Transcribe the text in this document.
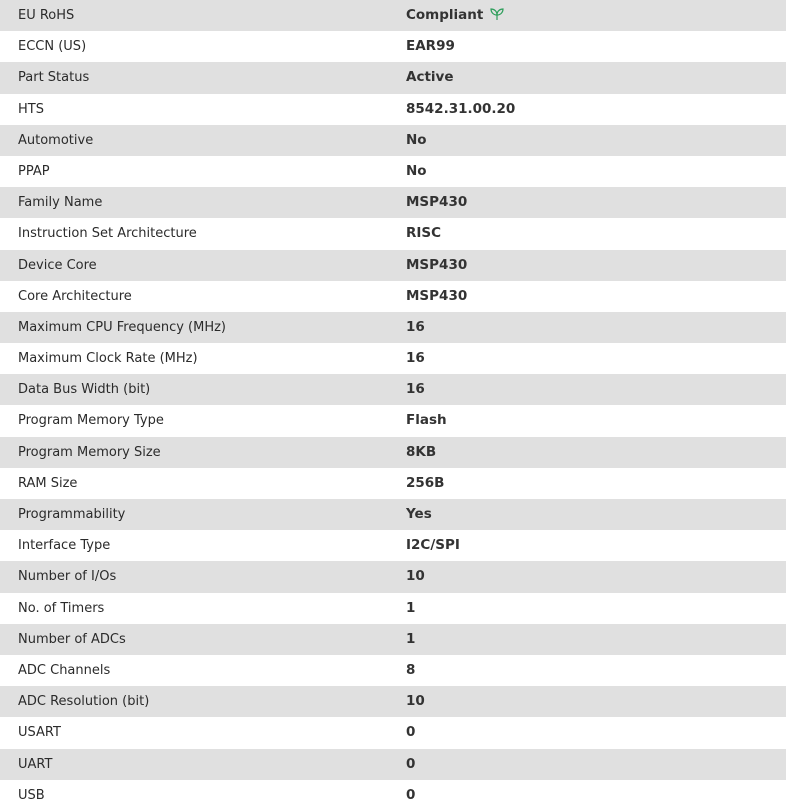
EU RoHS	Compliant
ECCN (US)	EAR99
Part Status	Active
HTS	8542.31.00.20
Automotive	No
PPAP	No
Family Name	MSP430
Instruction Set Architecture	RISC
Device Core	MSP430
Core Architecture	MSP430
Maximum CPU Frequency (MHz)	16
Maximum Clock Rate (MHz)	16
Data Bus Width (bit)	16
Program Memory Type	Flash
Program Memory Size	8KB
RAM Size	256B
Programmability	Yes
Interface Type	I2C/SPI
Number of I/Os	10
No. of Timers	1
Number of ADCs	1
ADC Channels	8
ADC Resolution (bit)	10
USART	0
UART	0
USB	0
